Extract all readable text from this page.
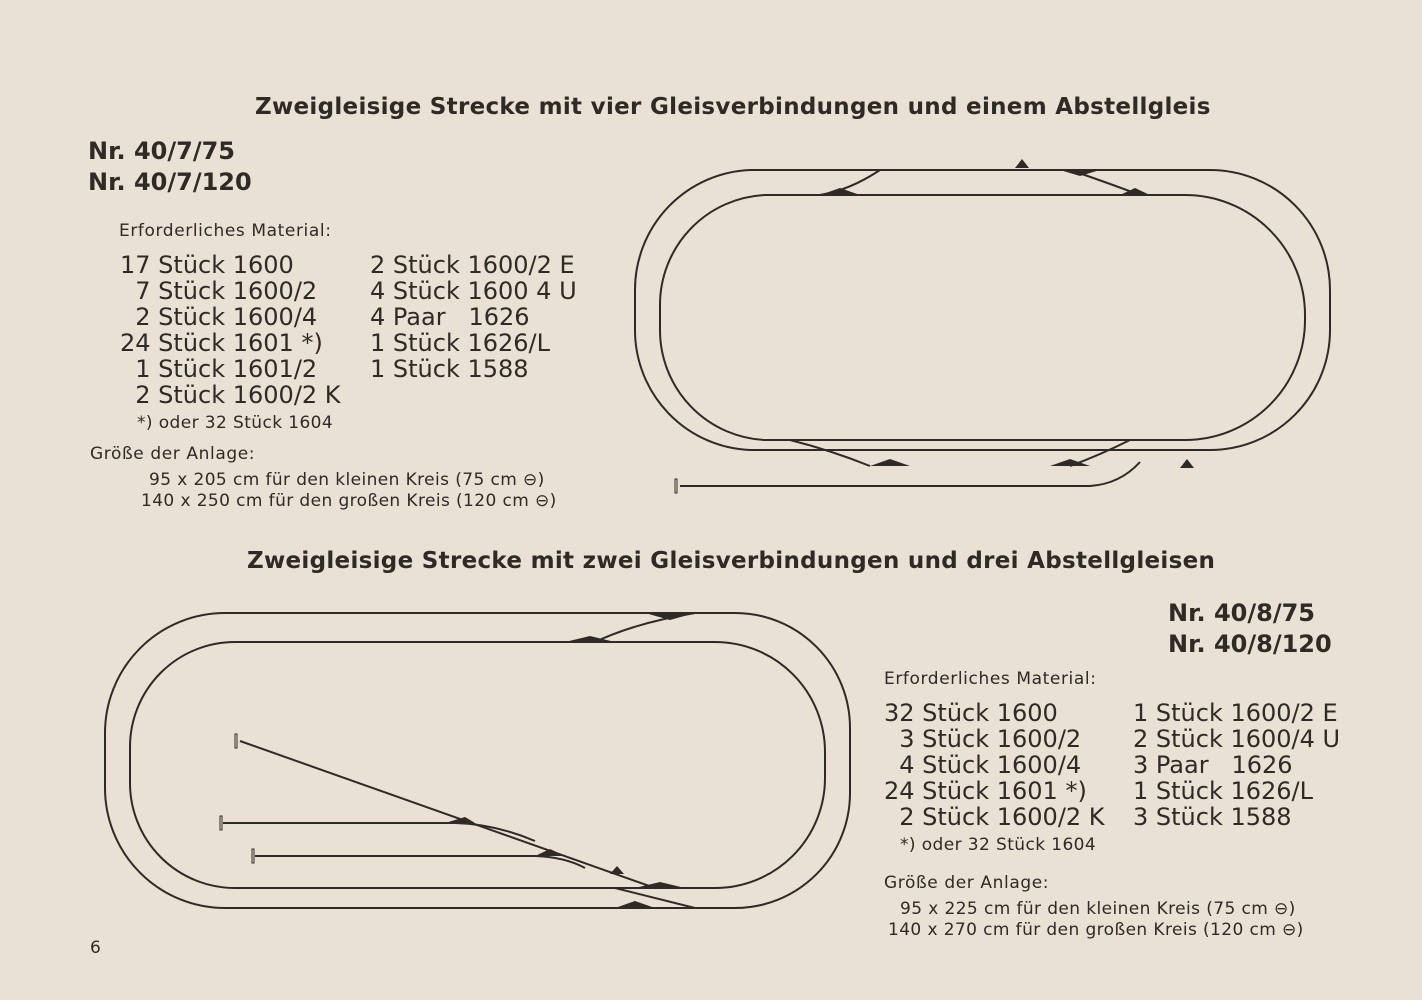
Zweigleisige Strecke mit vier Gleisverbindungen und einem Abstellgleis
Nr. 40/7/75
Nr. 40/7/120
Erforderliches Material:
17 Stück 1600
7 Stück 1600/2
2 Stück 1600/4
24 Stück 1601 *)
1 Stück 1601/2
2 Stück 1600/2 K
2 Stück 1600/2 E
4 Stück 1600 4 U
4 Paar   1626
1 Stück 1626/L
1 Stück 1588
*) oder 32 Stück 1604
Größe der Anlage:
95 x 205 cm für den kleinen Kreis (75 cm ⊖)
140 x 250 cm für den großen Kreis (120 cm ⊖)
Zweigleisige Strecke mit zwei Gleisverbindungen und drei Abstellgleisen
Nr. 40/8/75
Nr. 40/8/120
Erforderliches Material:
32 Stück 1600
3 Stück 1600/2
4 Stück 1600/4
24 Stück 1601 *)
2 Stück 1600/2 K
1 Stück 1600/2 E
2 Stück 1600/4 U
3 Paar   1626
1 Stück 1626/L
3 Stück 1588
*) oder 32 Stück 1604
Größe der Anlage:
95 x 225 cm für den kleinen Kreis (75 cm ⊖)
140 x 270 cm für den großen Kreis (120 cm ⊖)
6
